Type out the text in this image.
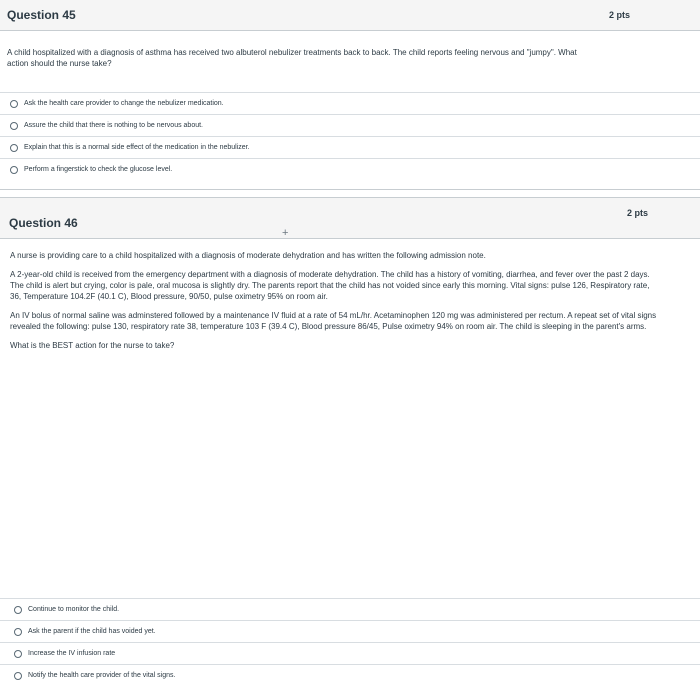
Question 45	2 pts
A child hospitalized with a diagnosis of asthma has received two albuterol nebulizer treatments back to back. The child reports feeling nervous and "jumpy". What
action should the nurse take?
Ask the health care provider to change the nebulizer medication.
Assure the child that there is nothing to be nervous about.
Explain that this is a normal side effect of the medication in the nebulizer.
Perform a fingerstick to check the glucose level.
Question 46
2 pts

A nurse is providing care to a child hospitalized with a diagnosis of moderate dehydration and has written the following admission note.

A 2-year-old child is received from the emergency department with a diagnosis of moderate dehydration. The child has a history of vomiting, diarrhea, and fever over the past 2 days. The child is alert but crying, color is pale, oral mucosa is slightly dry. The parents report that the child has not voided since early this morning. Vital signs: pulse 126, Respiratory rate, 36, Temperature 104.2F (40.1 C), Blood pressure, 90/50, pulse oximetry 95% on room air.

An IV bolus of normal saline was adminstered followed by a maintenance IV fluid at a rate of 54 mL/hr. Acetaminophen 120 mg was administered per rectum. A repeat set of vital signs revealed the following: pulse 130, respiratory rate 38, temperature 103 F (39.4 C), Blood pressure 86/45, Pulse oximetry 94% on room air. The child is sleeping in the parent's arms.

What is the BEST action for the nurse to take?

Continue to monitor the child.
Ask the parent if the child has voided yet.
Increase the IV infusion rate
Notify the health care provider of the vital signs.
+
